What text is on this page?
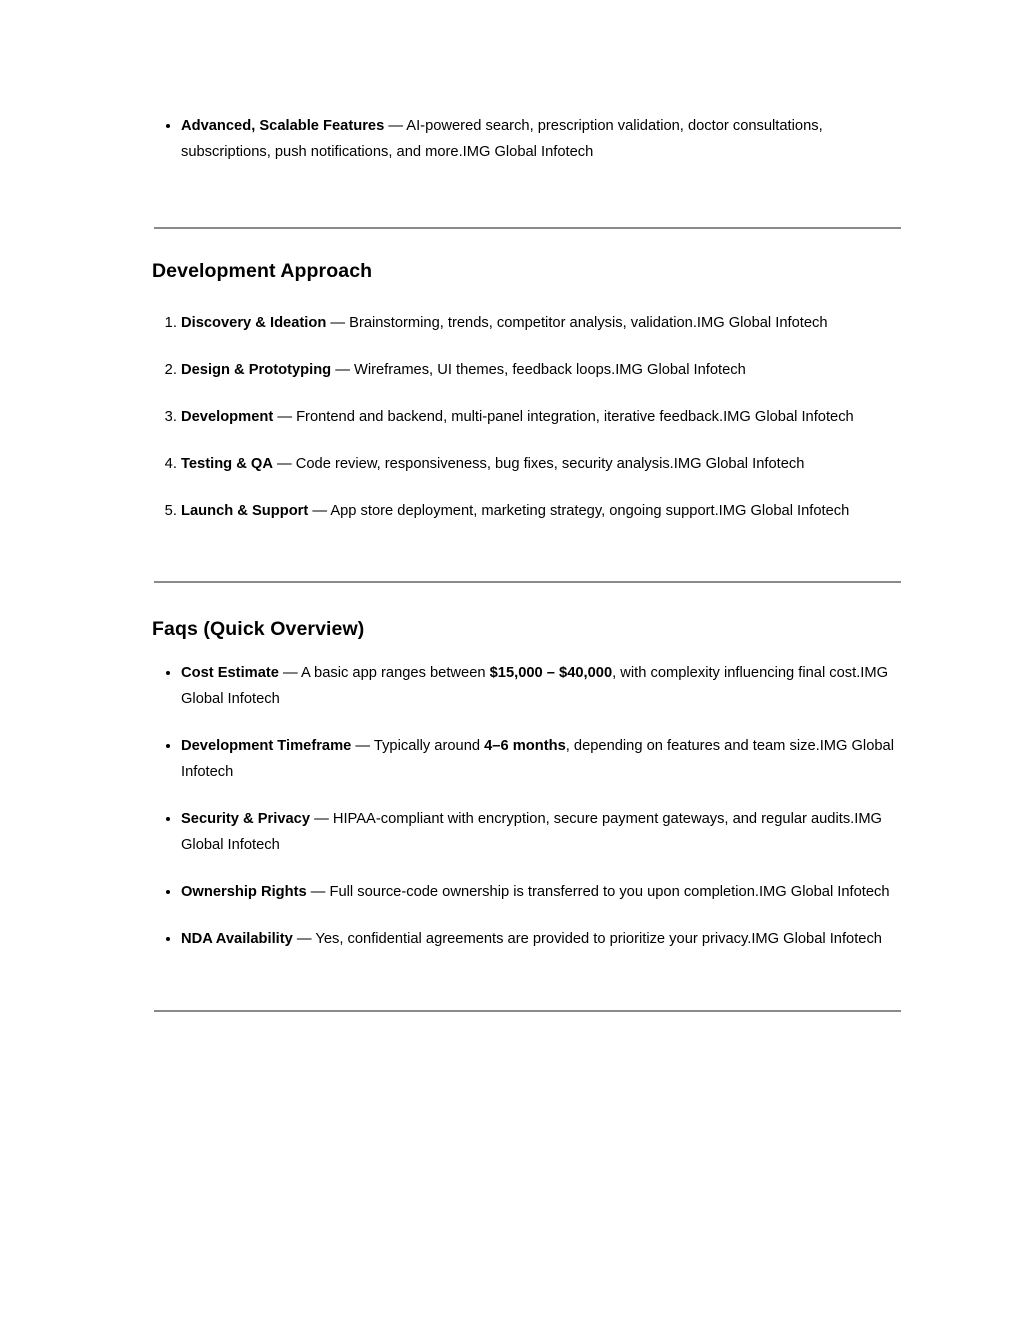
• Advanced, Scalable Features — AI-powered search, prescription validation, doctor consultations, subscriptions, push notifications, and more.IMG Global Infotech
Development Approach
1. Discovery & Ideation — Brainstorming, trends, competitor analysis, validation.IMG Global Infotech
2. Design & Prototyping — Wireframes, UI themes, feedback loops.IMG Global Infotech
3. Development — Frontend and backend, multi-panel integration, iterative feedback.IMG Global Infotech
4. Testing & QA — Code review, responsiveness, bug fixes, security analysis.IMG Global Infotech
5. Launch & Support — App store deployment, marketing strategy, ongoing support.IMG Global Infotech
Faqs (Quick Overview)
• Cost Estimate — A basic app ranges between $15,000 – $40,000, with complexity influencing final cost.IMG Global Infotech
• Development Timeframe — Typically around 4–6 months, depending on features and team size.IMG Global Infotech
• Security & Privacy — HIPAA-compliant with encryption, secure payment gateways, and regular audits.IMG Global Infotech
• Ownership Rights — Full source-code ownership is transferred to you upon completion.IMG Global Infotech
• NDA Availability — Yes, confidential agreements are provided to prioritize your privacy.IMG Global Infotech
